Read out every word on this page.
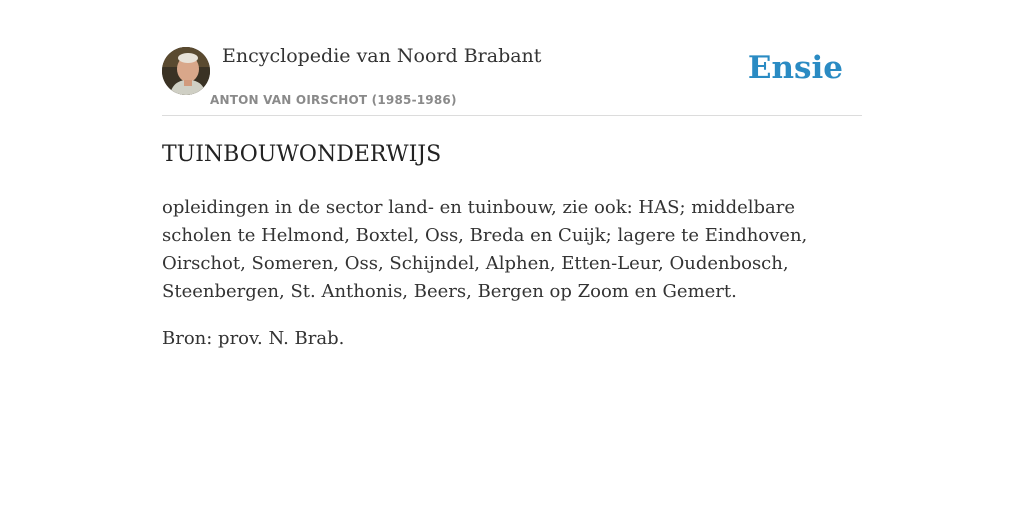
Encyclopedie van Noord Brabant
ANTON VAN OIRSCHOT (1985-1986)
Ensie
TUINBOUWONDERWIJS

opleidingen in de sector land- en tuinbouw, zie ook: HAS; middelbare scholen te Helmond, Boxtel, Oss, Breda en Cuijk; lagere te Eindhoven, Oirschot, Someren, Oss, Schijndel, Alphen, Etten-Leur, Oudenbosch, Steenbergen, St. Anthonis, Beers, Bergen op Zoom en Gemert.

Bron: prov. N. Brab.
